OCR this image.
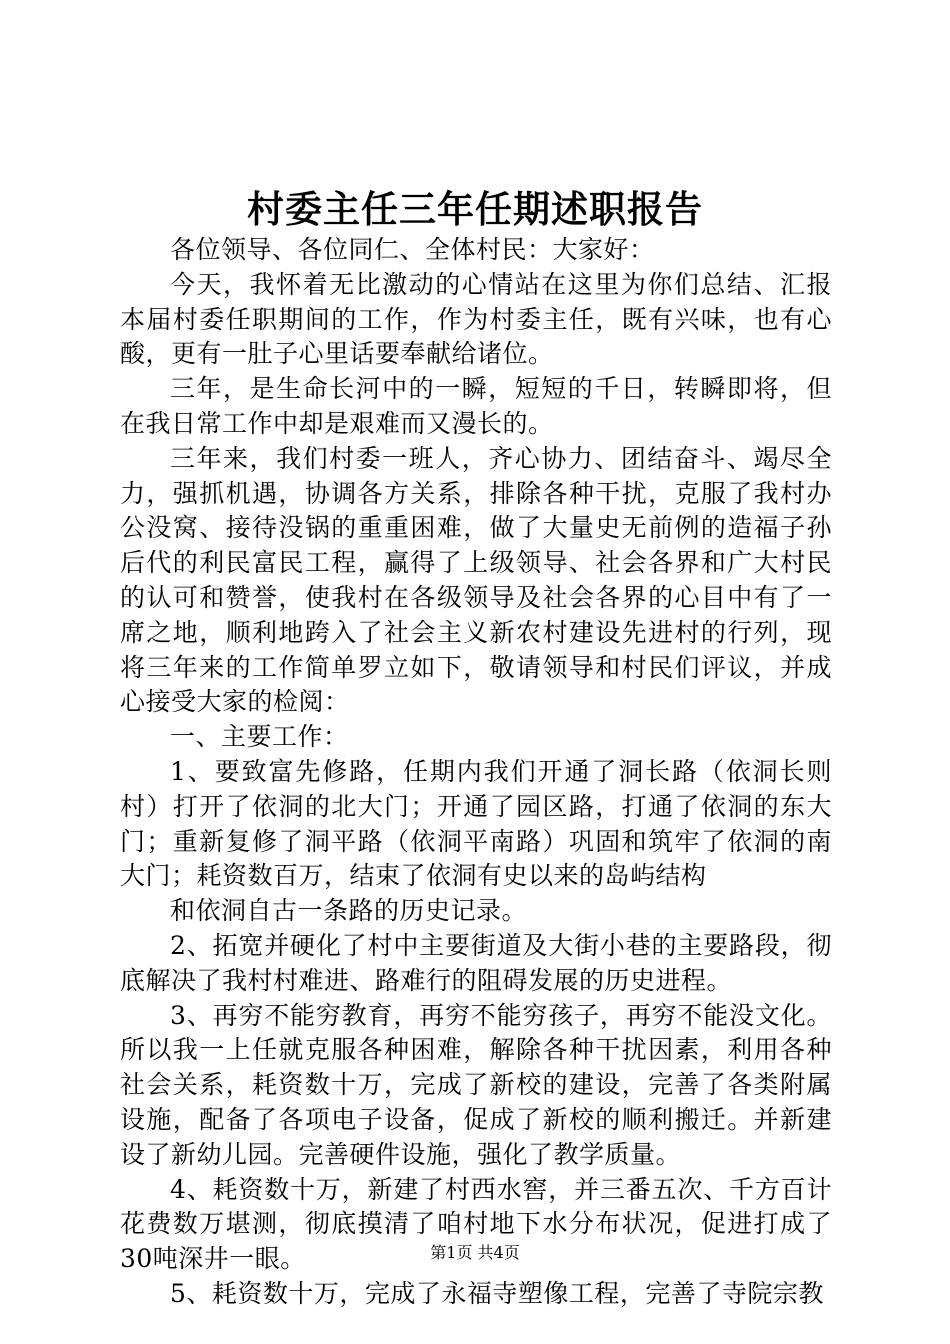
村委主任三年任期述职报告

各位领导、各位同仁、全体村民：大家好：

今天，我怀着无比激动的心情站在这里为你们总结、汇报本届村委任职期间的工作，作为村委主任，既有兴味，也有心酸，更有一肚子心里话要奉献给诸位。

三年，是生命长河中的一瞬，短短的千日，转瞬即将，但在我日常工作中却是艰难而又漫长的。

三年来，我们村委一班人，齐心协力、团结奋斗、竭尽全力，强抓机遇，协调各方关系，排除各种干扰，克服了我村办公没窝、接待没锅的重重困难，做了大量史无前例的造福子孙后代的利民富民工程，赢得了上级领导、社会各界和广大村民的认可和赞誉，使我村在各级领导及社会各界的心目中有了一席之地，顺利地跨入了社会主义新农村建设先进村的行列，现将三年来的工作简单罗立如下，敬请领导和村民们评议，并成心接受大家的检阅：

一、主要工作：

1、要致富先修路，任期内我们开通了洞长路（依洞长则村）打开了依洞的北大门；开通了园区路，打通了依洞的东大门；重新复修了洞平路（依洞平南路）巩固和筑牢了依洞的南大门；耗资数百万，结束了依洞有史以来的岛屿结构

和依洞自古一条路的历史记录。

2、拓宽并硬化了村中主要街道及大街小巷的主要路段，彻底解决了我村村难进、路难行的阻碍发展的历史进程。

3、再穷不能穷教育，再穷不能穷孩子，再穷不能没文化。所以我一上任就克服各种困难，解除各种干扰因素，利用各种社会关系，耗资数十万，完成了新校的建设，完善了各类附属设施，配备了各项电子设备，促成了新校的顺利搬迁。并新建设了新幼儿园。完善硬件设施，强化了教学质量。

4、耗资数十万，新建了村西水窖，并三番五次、千方百计花费数万堪测，彻底摸清了咱村地下水分布状况，促进打成了30吨深井一眼。

5、耗资数十万，完成了永福寺塑像工程，完善了寺院宗教

第1页 共4页
